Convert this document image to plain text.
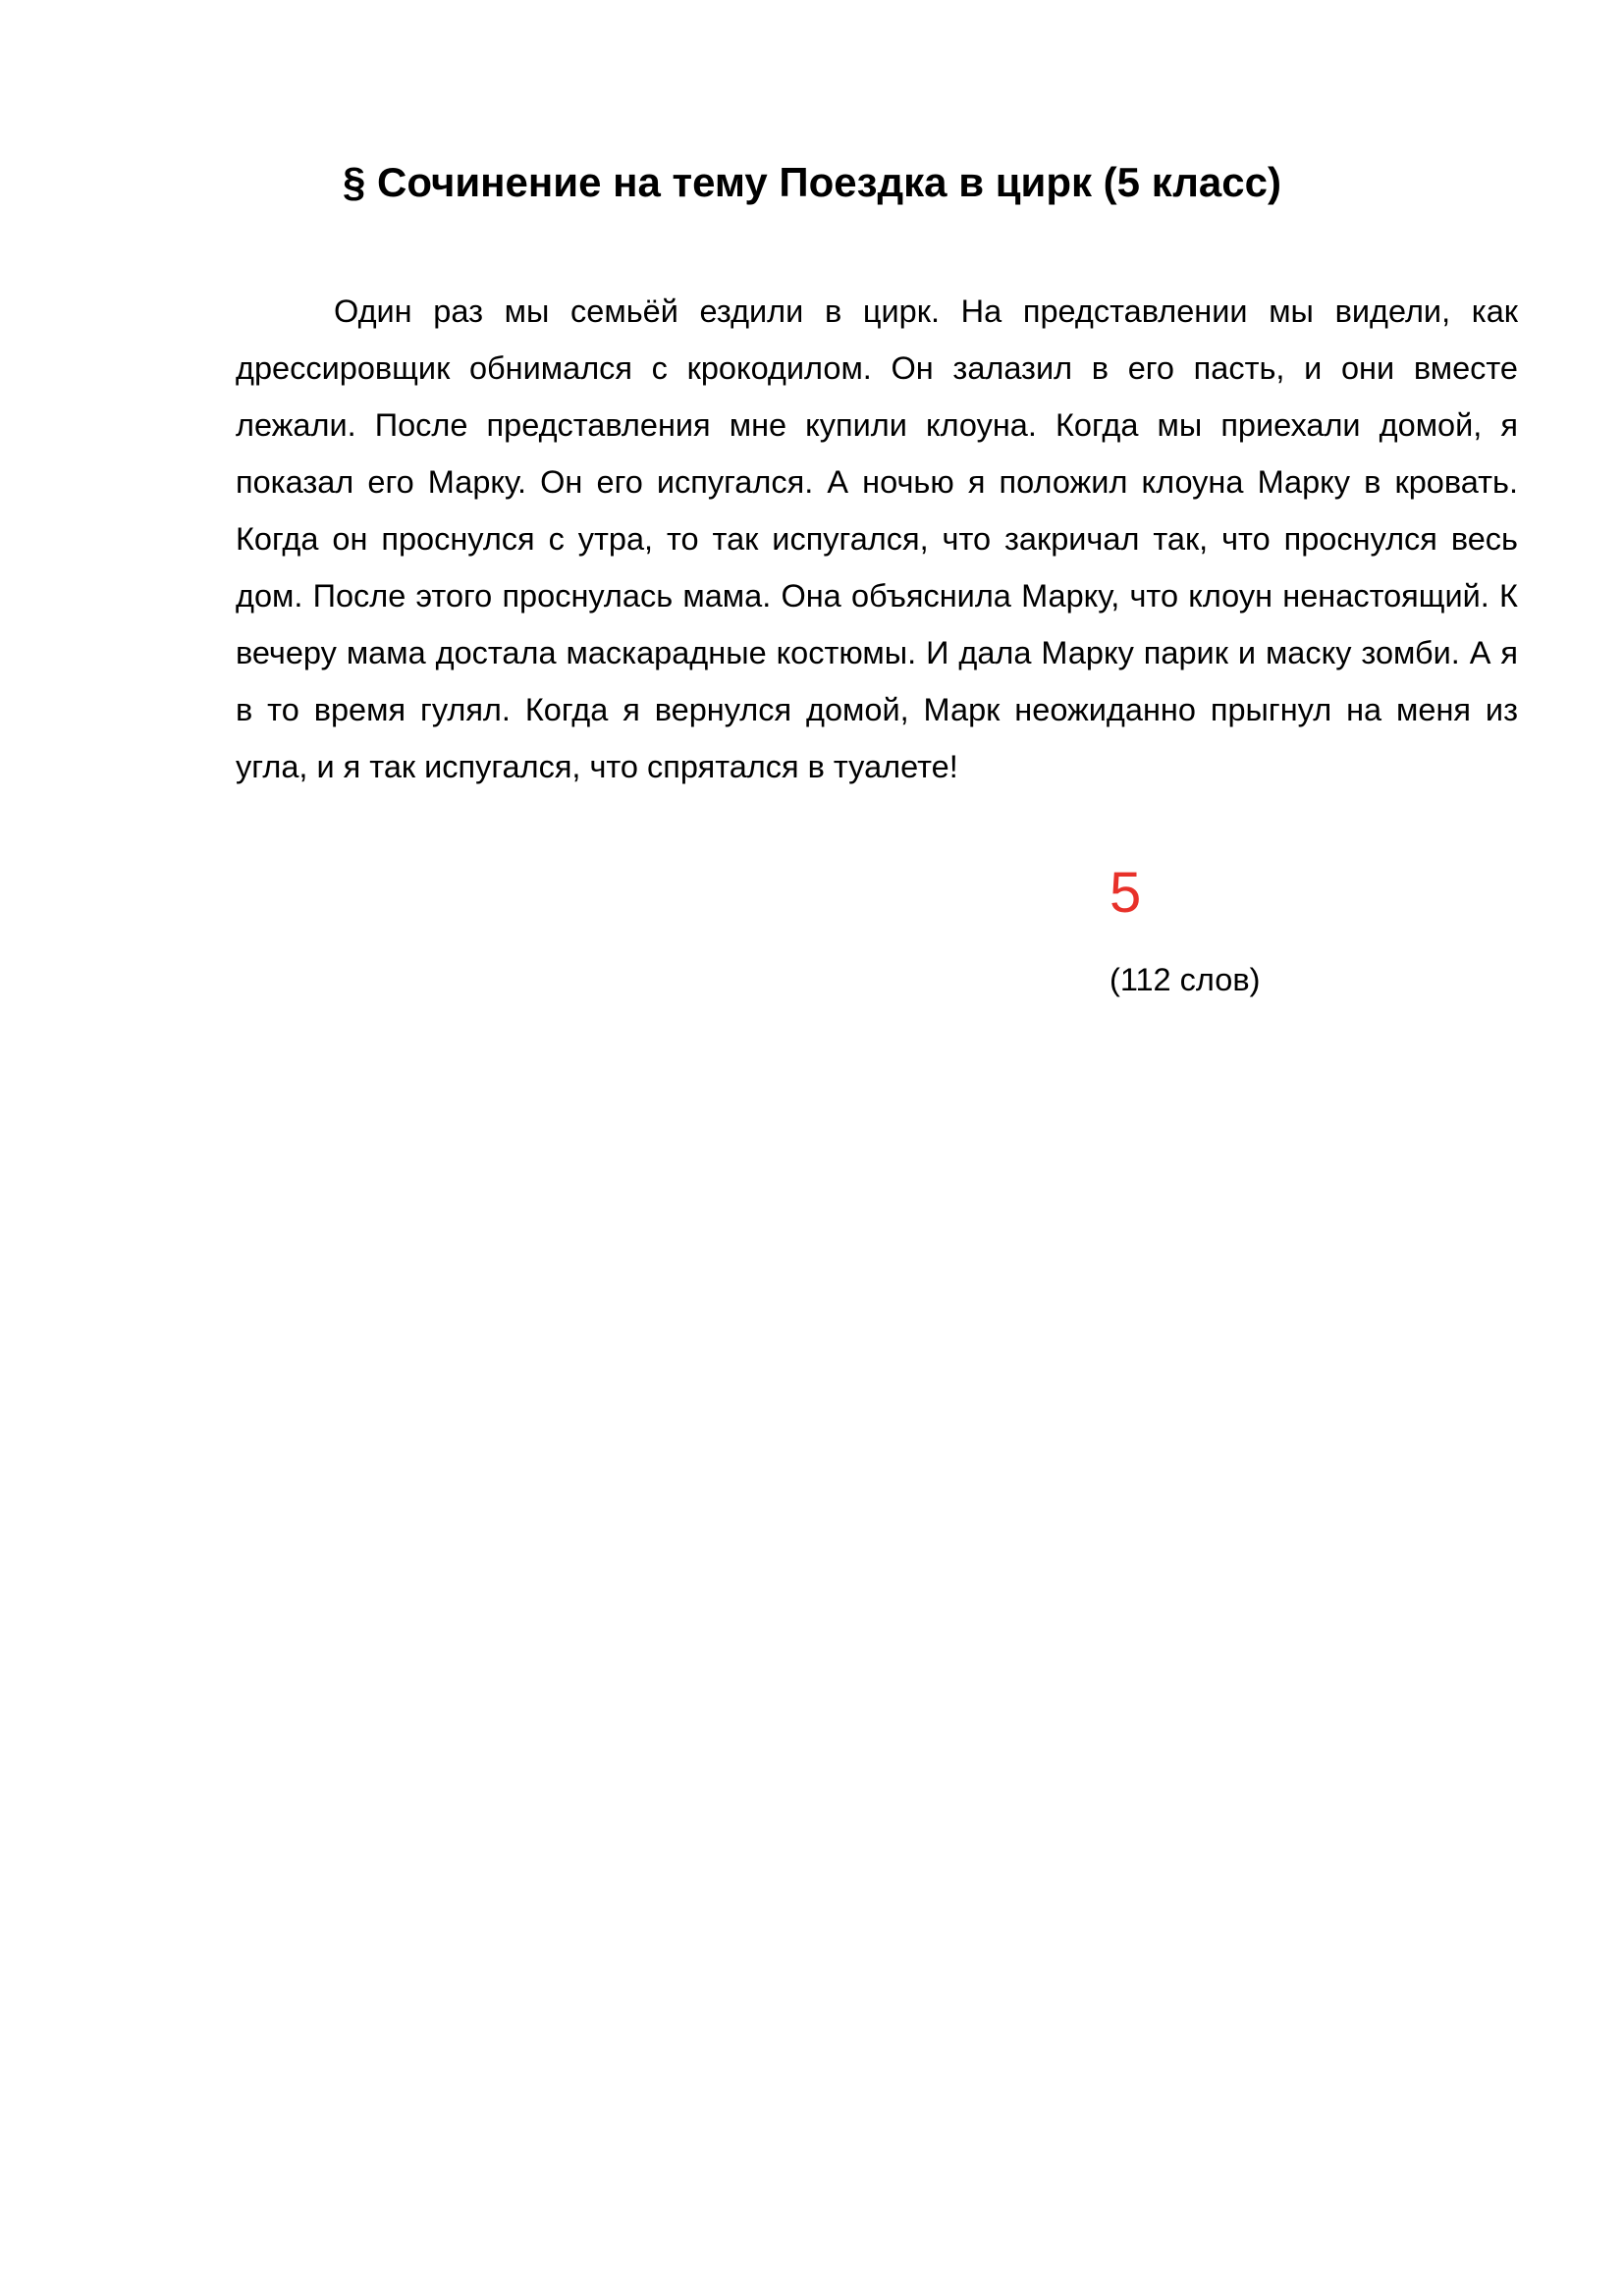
§ Сочинение на тему Поездка в цирк (5 класс)

Один раз мы семьёй ездили в цирк. На представлении мы видели, как дрессировщик обнимался с крокодилом. Он залазил в его пасть, и они вместе лежали. После представления мне купили клоуна. Когда мы приехали домой, я показал его Марку. Он его испугался. А ночью я положил клоуна Марку в кровать. Когда он проснулся с утра, то так испугался, что закричал так, что проснулся весь дом. После этого проснулась мама. Она объяснила Марку, что клоун ненастоящий. К вечеру мама достала маскарадные костюмы. И дала Марку парик и маску зомби. А я в то время гулял. Когда я вернулся домой, Марк неожиданно прыгнул на меня из угла, и я так испугался, что спрятался в туалете!

5
(112 слов)
